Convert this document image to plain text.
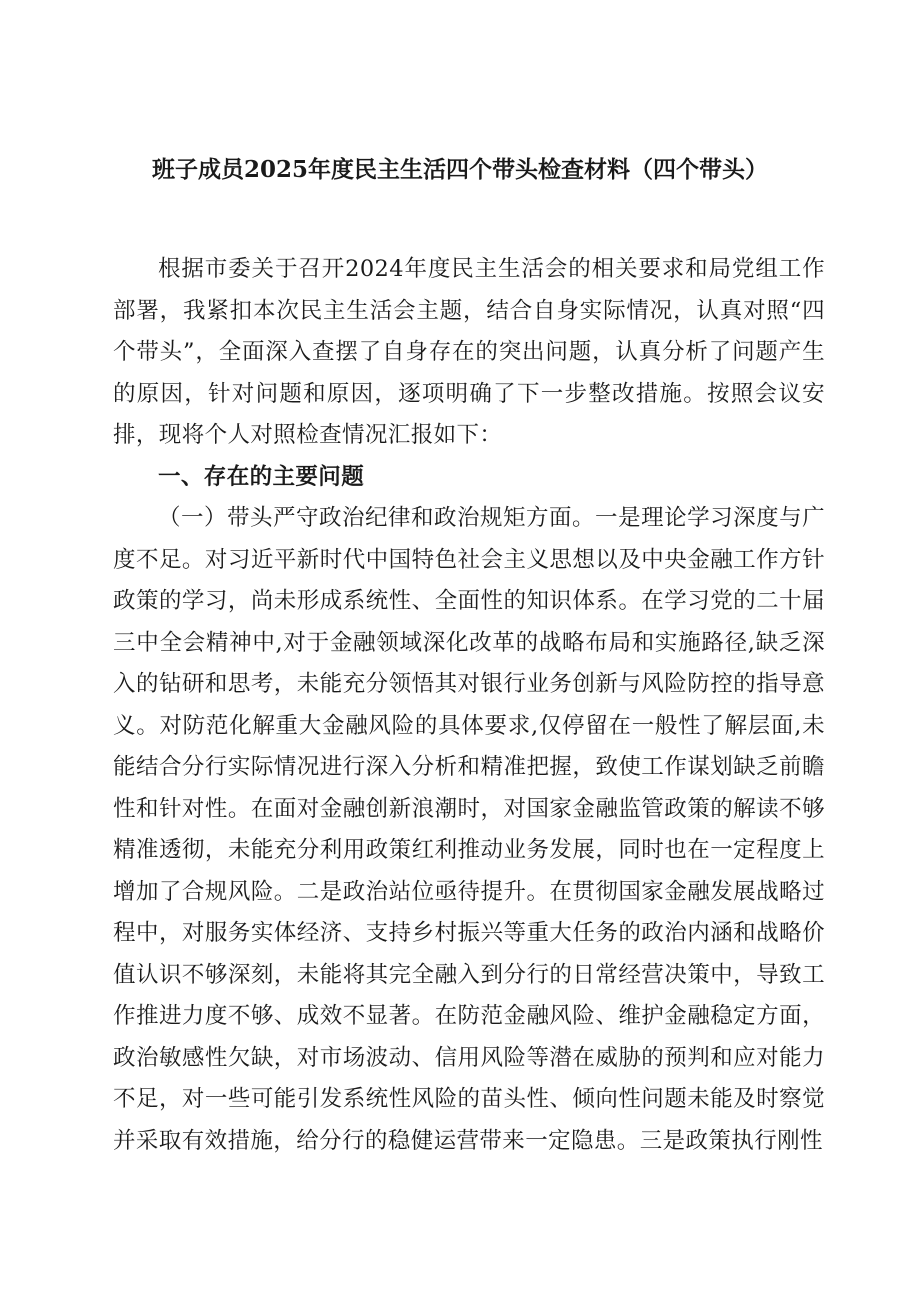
班子成员2025年度民主生活四个带头检查材料（四个带头）

根据市委关于召开2024年度民主生活会的相关要求和局党组工作部署，我紧扣本次民主生活会主题，结合自身实际情况，认真对照“四个带头”，全面深入查摆了自身存在的突出问题，认真分析了问题产生的原因，针对问题和原因，逐项明确了下一步整改措施。按照会议安排，现将个人对照检查情况汇报如下：

一、存在的主要问题

（一）带头严守政治纪律和政治规矩方面。一是理论学习深度与广度不足。对习近平新时代中国特色社会主义思想以及中央金融工作方针政策的学习，尚未形成系统性、全面性的知识体系。在学习党的二十届三中全会精神中,对于金融领域深化改革的战略布局和实施路径,缺乏深入的钻研和思考，未能充分领悟其对银行业务创新与风险防控的指导意义。对防范化解重大金融风险的具体要求,仅停留在一般性了解层面,未能结合分行实际情况进行深入分析和精准把握，致使工作谋划缺乏前瞻性和针对性。在面对金融创新浪潮时，对国家金融监管政策的解读不够精准透彻，未能充分利用政策红利推动业务发展，同时也在一定程度上增加了合规风险。二是政治站位亟待提升。在贯彻国家金融发展战略过程中，对服务实体经济、支持乡村振兴等重大任务的政治内涵和战略价值认识不够深刻，未能将其完全融入到分行的日常经营决策中，导致工作推进力度不够、成效不显著。在防范金融风险、维护金融稳定方面，政治敏感性欠缺，对市场波动、信用风险等潜在威胁的预判和应对能力不足，对一些可能引发系统性风险的苗头性、倾向性问题未能及时察觉并采取有效措施，给分行的稳健运营带来一定隐患。三是政策执行刚性
